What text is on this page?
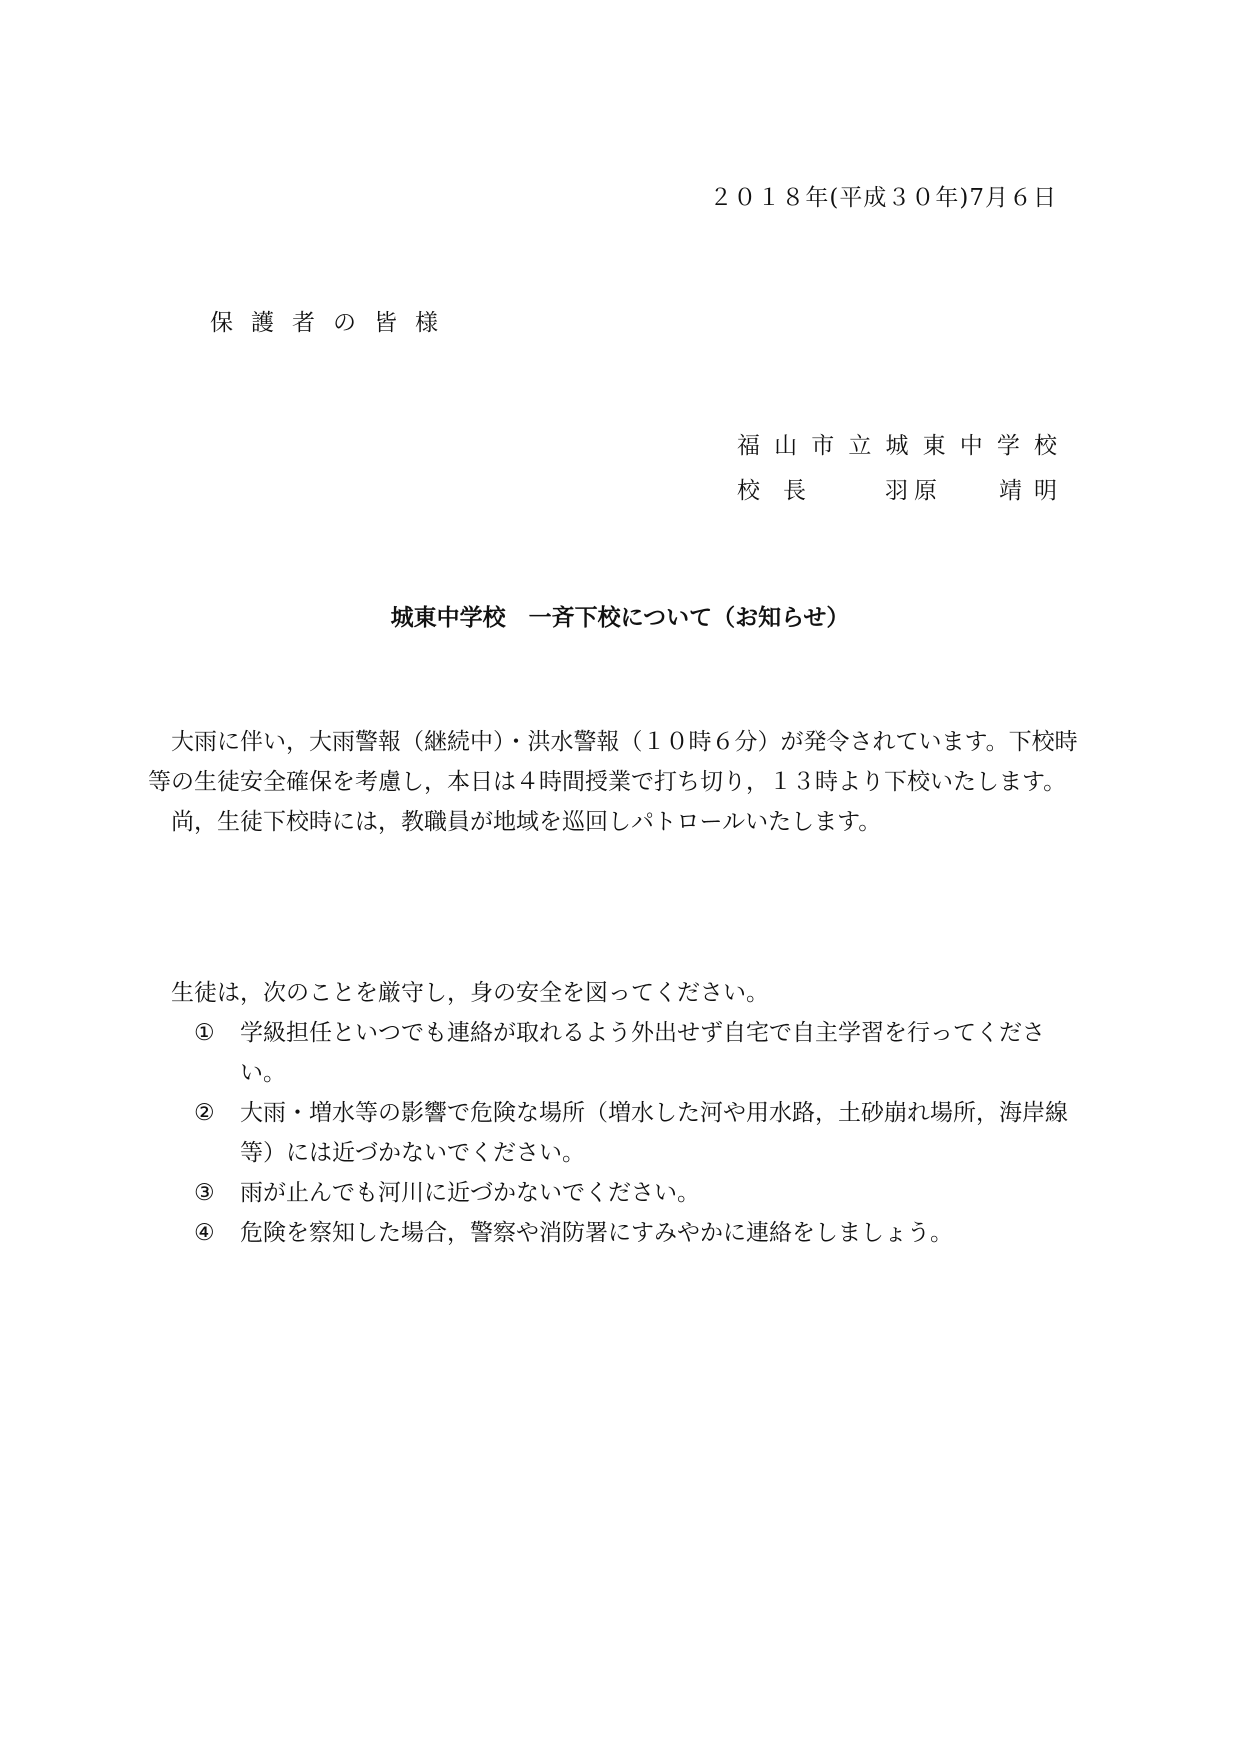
２０１８年(平成３０年)7月６日
保護者の皆様
福 山 市 立 城 東 中 学 校
校　長	羽原 靖明
城東中学校　一斉下校について（お知らせ）

大雨に伴い，大雨警報（継続中）・洪水警報（１０時６分）が発令されています。下校時等の生徒安全確保を考慮し，本日は４時間授業で打ち切り，１３時より下校いたします。

尚，生徒下校時には，教職員が地域を巡回しパトロールいたします。

生徒は，次のことを厳守し，身の安全を図ってください。

①	学級担任といつでも連絡が取れるよう外出せず自宅で自主学習を行ってください。
②	大雨・増水等の影響で危険な場所（増水した河や用水路，土砂崩れ場所，海岸線等）には近づかないでください。
③	雨が止んでも河川に近づかないでください。
④	危険を察知した場合，警察や消防署にすみやかに連絡をしましょう。
